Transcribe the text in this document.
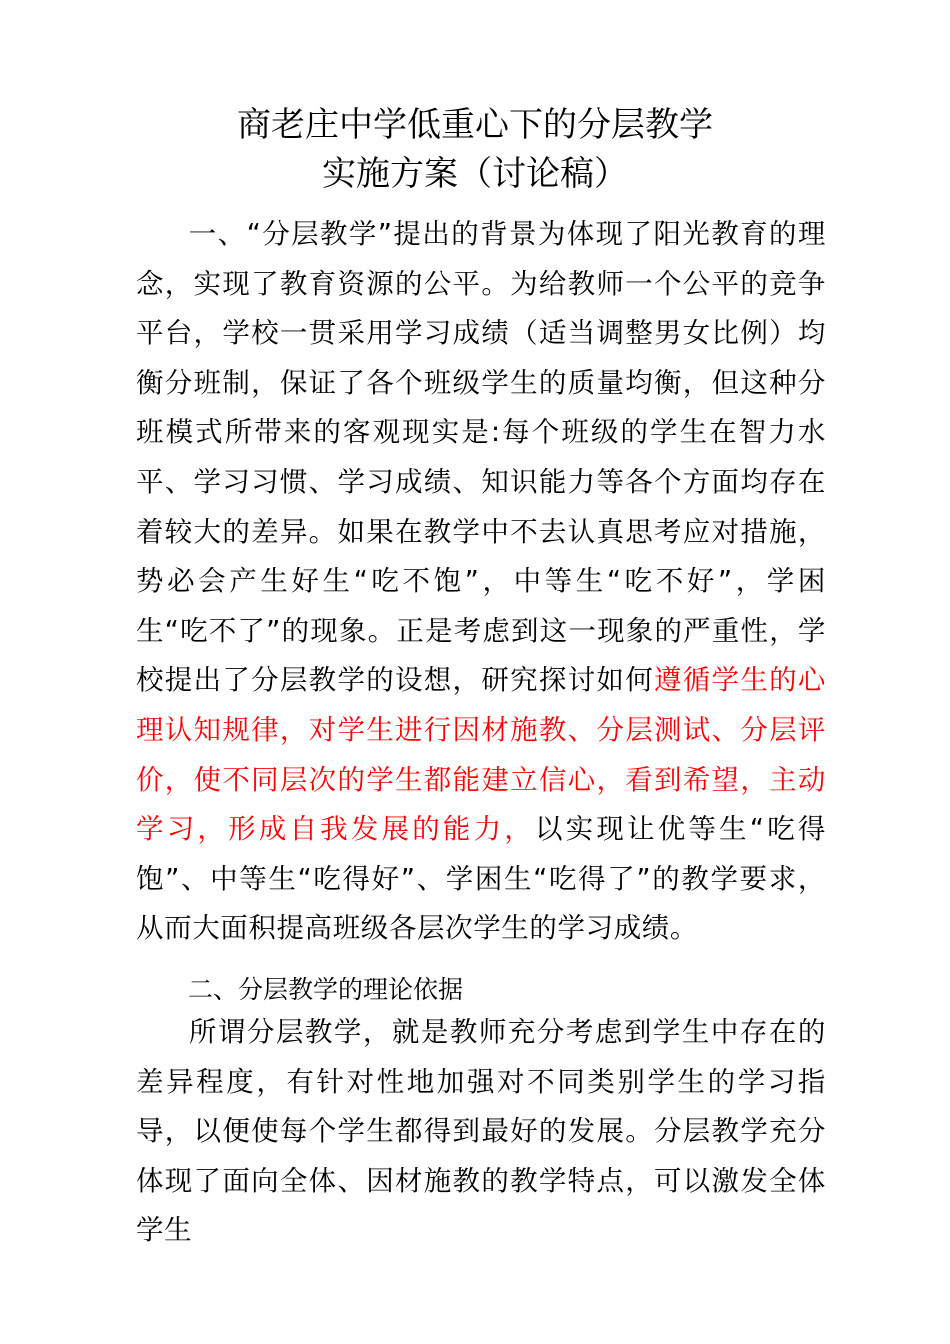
商老庄中学低重心下的分层教学
实施方案（讨论稿）

一、“分层教学”提出的背景为体现了阳光教育的理念，实现了教育资源的公平。为给教师一个公平的竞争平台，学校一贯采用学习成绩（适当调整男女比例）均衡分班制，保证了各个班级学生的质量均衡，但这种分班模式所带来的客观现实是:每个班级的学生在智力水平、学习习惯、学习成绩、知识能力等各个方面均存在着较大的差异。如果在教学中不去认真思考应对措施，势必会产生好生“吃不饱”，中等生“吃不好”，学困生“吃不了”的现象。正是考虑到这一现象的严重性，学校提出了分层教学的设想，研究探讨如何遵循学生的心理认知规律，对学生进行因材施教、分层测试、分层评价，使不同层次的学生都能建立信心，看到希望，主动学习，形成自我发展的能力，以实现让优等生“吃得饱”、中等生“吃得好”、学困生“吃得了”的教学要求，从而大面积提高班级各层次学生的学习成绩。

二、分层教学的理论依据

所谓分层教学，就是教师充分考虑到学生中存在的差异程度，有针对性地加强对不同类别学生的学习指导，以便使每个学生都得到最好的发展。分层教学充分体现了面向全体、因材施教的教学特点，可以激发全体学生
